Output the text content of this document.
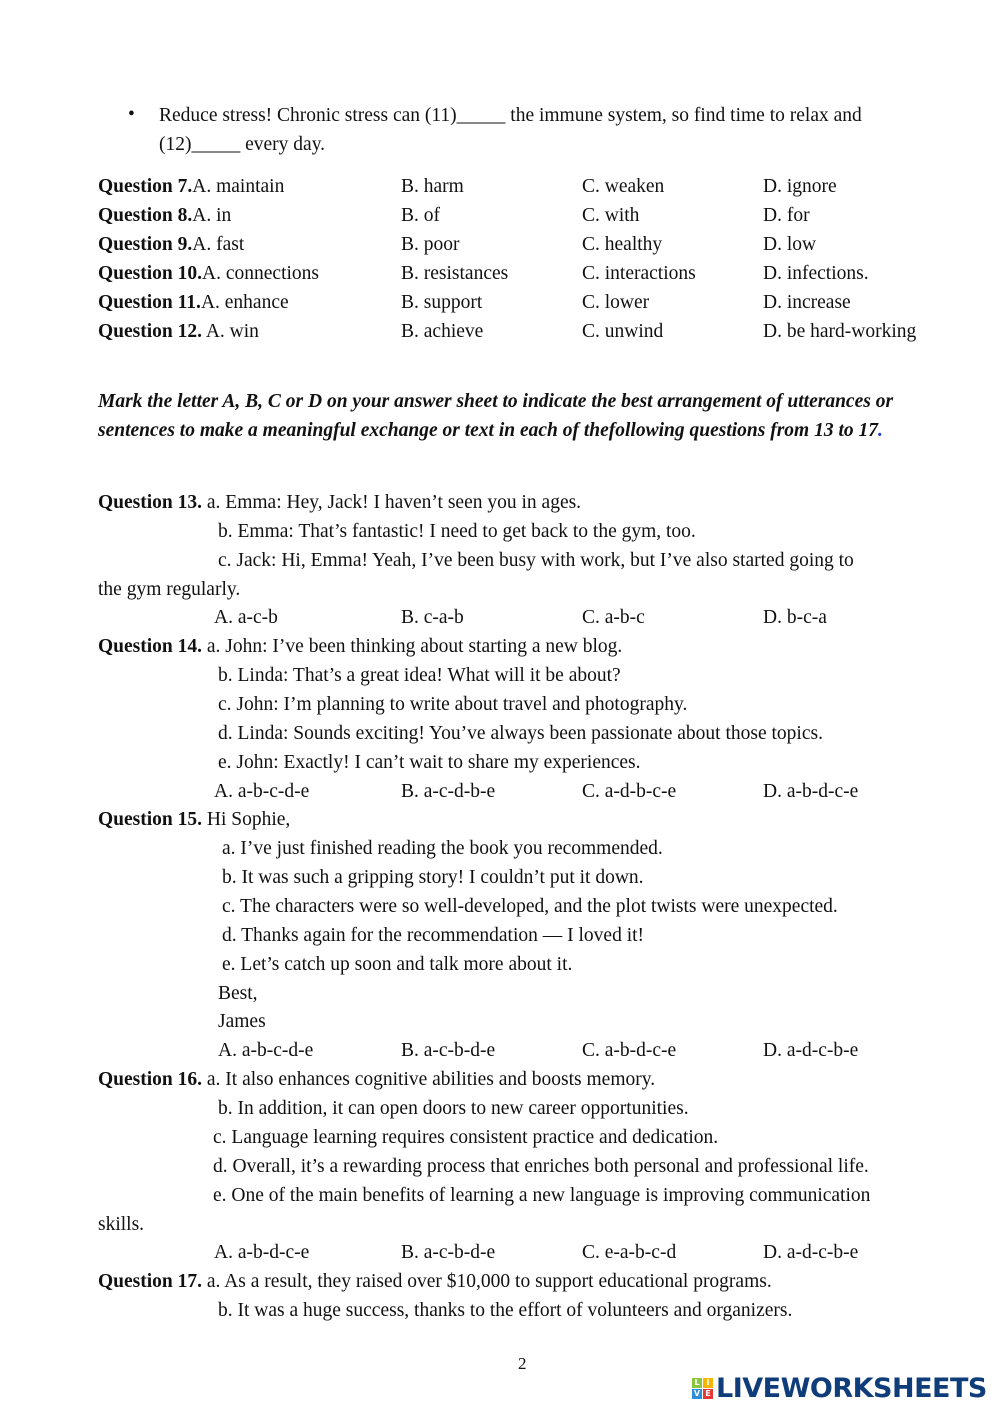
• Reduce stress! Chronic stress can (11)_____ the immune system, so find time to relax and
(12)_____ every day.
Question 7.A. maintain	B. harm	C. weaken	D. ignore
Question 8.A. in	B. of	C. with	D. for
Question 9.A. fast	B. poor	C. healthy	D. low
Question 10.A. connections	B. resistances	C. interactions	D. infections.
Question 11.A. enhance	B. support	C. lower	D. increase
Question 12. A. win	B. achieve	C. unwind	D. be hard-working
Mark the letter A, B, C or D on your answer sheet to indicate the best arrangement of utterances or sentences to make a meaningful exchange or text in each of thefollowing questions from 13 to 17.
Question 13. a. Emma: Hey, Jack! I haven’t seen you in ages.
b. Emma: That’s fantastic! I need to get back to the gym, too.
c. Jack: Hi, Emma! Yeah, I’ve been busy with work, but I’ve also started going to
the gym regularly.
A. a-c-b	B. c-a-b	C. a-b-c	D. b-c-a
Question 14. a. John: I’ve been thinking about starting a new blog.
b. Linda: That’s a great idea! What will it be about?
c. John: I’m planning to write about travel and photography.
d. Linda: Sounds exciting! You’ve always been passionate about those topics.
e. John: Exactly! I can’t wait to share my experiences.
A. a-b-c-d-e	B. a-c-d-b-e	C. a-d-b-c-e	D. a-b-d-c-e
Question 15. Hi Sophie,
a. I’ve just finished reading the book you recommended.
b. It was such a gripping story! I couldn’t put it down.
c. The characters were so well-developed, and the plot twists were unexpected.
d. Thanks again for the recommendation — I loved it!
e. Let’s catch up soon and talk more about it.
Best,
James
A. a-b-c-d-e	B. a-c-b-d-e	C. a-b-d-c-e	D. a-d-c-b-e
Question 16. a. It also enhances cognitive abilities and boosts memory.
b. In addition, it can open doors to new career opportunities.
c. Language learning requires consistent practice and dedication.
d. Overall, it’s a rewarding process that enriches both personal and professional life.
e. One of the main benefits of learning a new language is improving communication
skills.
A. a-b-d-c-e	B. a-c-b-d-e	C. e-a-b-c-d	D. a-d-c-b-e
Question 17. a. As a result, they raised over $10,000 to support educational programs.
b. It was a huge success, thanks to the effort of volunteers and organizers.
2
L I
V E LIVEWORKSHEETS
